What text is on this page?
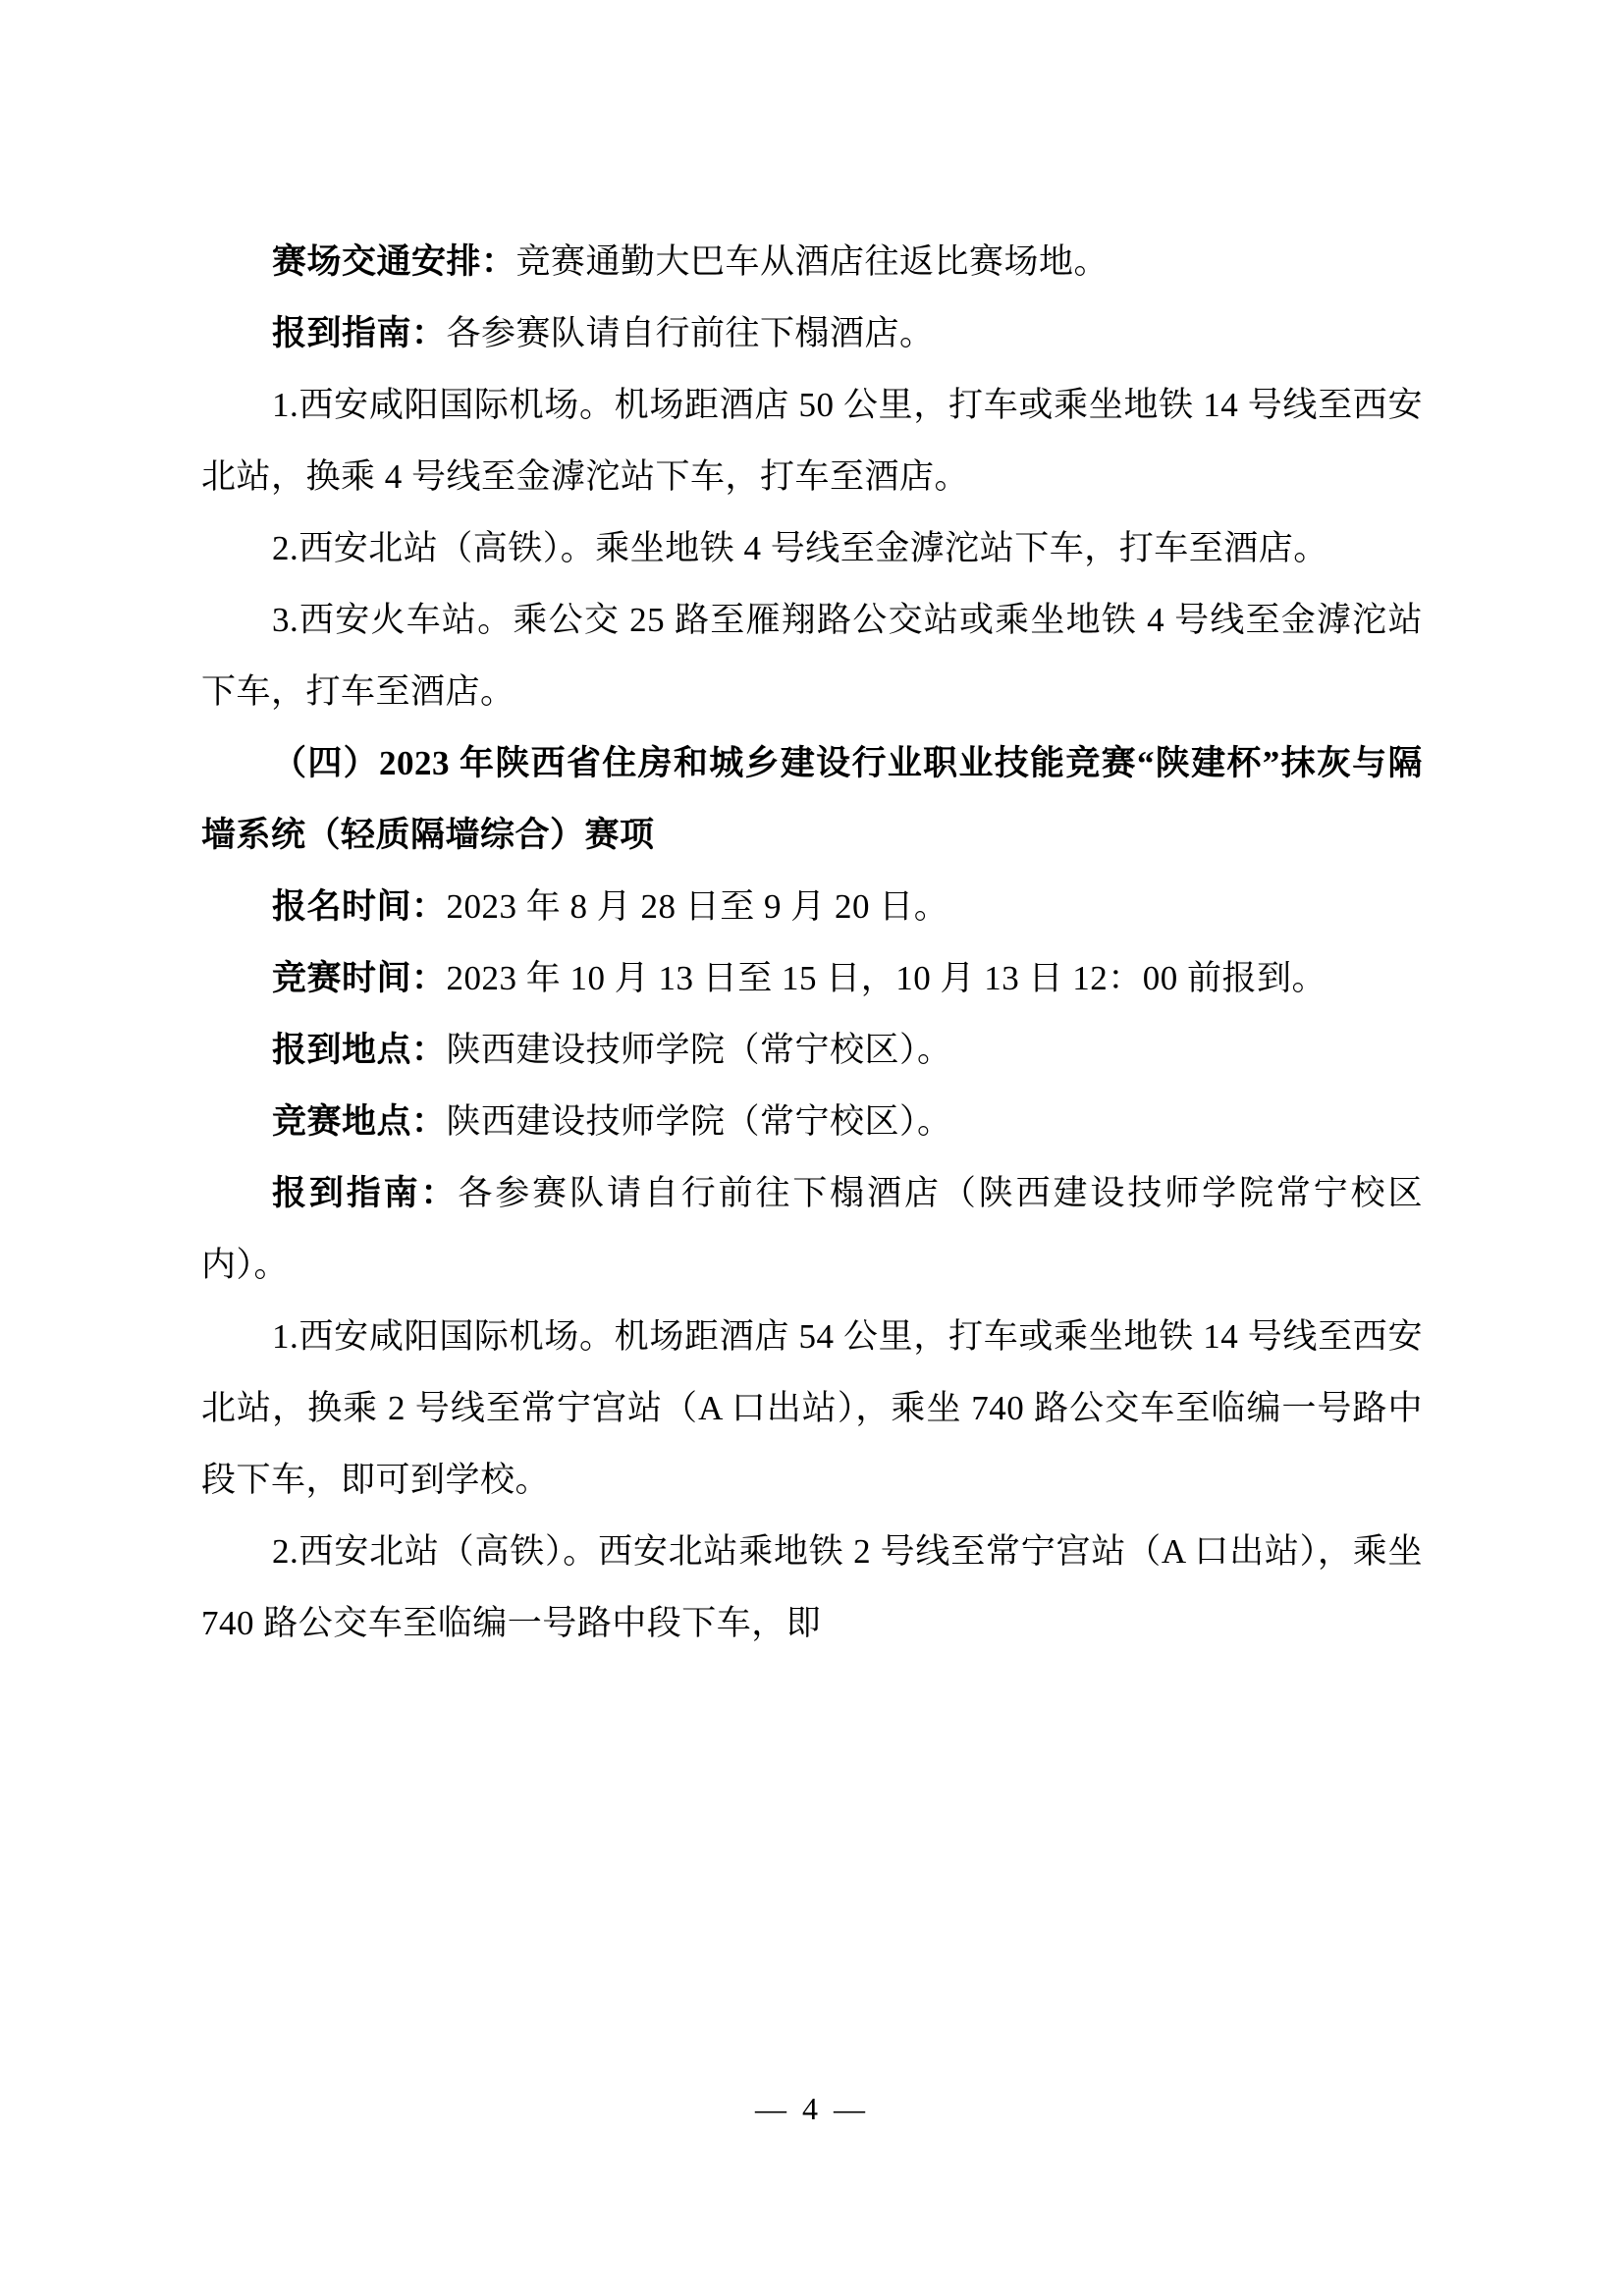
赛场交通安排：竞赛通勤大巴车从酒店往返比赛场地。

报到指南：各参赛队请自行前往下榻酒店。

1.西安咸阳国际机场。机场距酒店 50 公里，打车或乘坐地铁 14 号线至西安北站，换乘 4 号线至金滹沱站下车，打车至酒店。

2.西安北站（高铁）。乘坐地铁 4 号线至金滹沱站下车，打车至酒店。

3.西安火车站。乘公交 25 路至雁翔路公交站或乘坐地铁 4 号线至金滹沱站下车，打车至酒店。

（四）2023 年陕西省住房和城乡建设行业职业技能竞赛“陕建杯”抹灰与隔墙系统（轻质隔墙综合）赛项

报名时间：2023 年 8 月 28 日至 9 月 20 日。

竞赛时间：2023 年 10 月 13 日至 15 日，10 月 13 日 12：00 前报到。

报到地点：陕西建设技师学院（常宁校区）。

竞赛地点：陕西建设技师学院（常宁校区）。

报到指南：各参赛队请自行前往下榻酒店（陕西建设技师学院常宁校区内）。

1.西安咸阳国际机场。机场距酒店 54 公里，打车或乘坐地铁 14 号线至西安北站，换乘 2 号线至常宁宫站（A 口出站），乘坐 740 路公交车至临编一号路中段下车，即可到学校。

2.西安北站（高铁）。西安北站乘地铁 2 号线至常宁宫站（A 口出站），乘坐 740 路公交车至临编一号路中段下车，即

— 4 —
